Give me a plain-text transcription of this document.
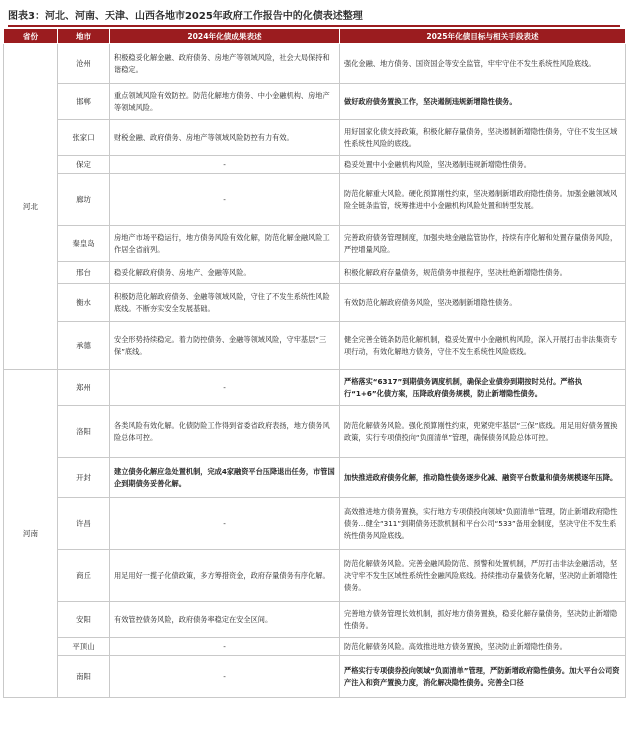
图表3：河北、河南、天津、山西各地市2025年政府工作报告中的化债表述整理
省份	地市	2024年化债成果表述	2025年化债目标与相关手段表述
河北	沧州	积极稳妥化解金融、政府债务、房地产等领域风险，社会大局保持和谐稳定。	强化金融、地方债务、国资国企等安全监管，牢牢守住不发生系统性风险底线。
	邯郸	重点领域风险有效防控。防范化解地方债务、中小金融机构、房地产等领域风险。	做好政府债务置换工作，坚决遏制违规新增隐性债务。
	张家口	财税金融、政府债务、房地产等领域风险防控有力有效。	用好国家化债支持政策，积极化解存量债务，坚决遏制新增隐性债务，守住不发生区域性系统性风险的底线。
	保定	-	稳妥处置中小金融机构风险，坚决遏制违规新增隐性债务。
	廊坊	-	防范化解重大风险。硬化预算刚性约束，坚决遏制新增政府隐性债务。加强金融领域风险全链条监管，统筹推进中小金融机构风险处置和转型发展。
	秦皇岛	房地产市场平稳运行，地方债务风险有效化解，防范化解金融风险工作居全省前列。	完善政府债务管理制度，加强央地金融监管协作，持续有序化解和处置存量债务风险，严控增量风险。
	邢台	稳妥化解政府债务、房地产、金融等风险。	积极化解政府存量债务，规范债务申报程序，坚决杜绝新增隐性债务。
	衡水	积极防范化解政府债务、金融等领域风险，守住了不发生系统性风险底线。不断夯实安全发展基础。	有效防范化解政府债务风险，坚决遏制新增隐性债务。
	承德	安全形势持续稳定。着力防控债务、金融等领域风险，守牢基层“三保”底线。	健全完善全链条防范化解机制，稳妥处置中小金融机构风险，深入开展打击非法集资专项行动，有效化解地方债务，守住不发生系统性风险底线。
河南	郑州	-	严格落实“6317”到期债务调度机制，确保企业债券到期按时兑付。严格执行“1+6”化债方案，压降政府债务规模，防止新增隐性债务。
	洛阳	各类风险有效化解。化债防险工作得到省委省政府表扬，地方债务风险总体可控。	防范化解债务风险。强化预算刚性约束，兜紧兜牢基层“三保”底线。用足用好债务置换政策，实行专项债投向“负面清单”管理，确保债务风险总体可控。
	开封	建立债务化解应急处置机制，完成4家融资平台压降退出任务，市管国企到期债务妥善化解。	加快推进政府债务化解，推动隐性债务逐步化减、融资平台数量和债务规模逐年压降。
	许昌	-	高效推进地方债务置换，实行地方专项债投向领域“负面清单”管理，防止新增政府隐性债务…健全“311”到期债务还款机制和平台公司“533”备用金制度，坚决守住不发生系统性债务风险底线。
	商丘	用足用好一揽子化债政策，多方筹措资金，政府存量债务有序化解。	防范化解债务风险。完善金融风险防范、预警和处置机制，严厉打击非法金融活动，坚决守牢不发生区域性系统性金融风险底线。持续推动存量债务化解，坚决防止新增隐性债务。
	安阳	有效管控债务风险，政府债务率稳定在安全区间。	完善地方债务管理长效机制，抓好地方债务置换，稳妥化解存量债务，坚决防止新增隐性债务。
	平顶山	-	防范化解债务风险。高效推进地方债务置换，坚决防止新增隐性债务。
	南阳	-	严格实行专项债券投向领域“负面清单”管理，严防新增政府隐性债务。加大平台公司资产注入和资产置换力度，消化解决隐性债务。完善全口径
